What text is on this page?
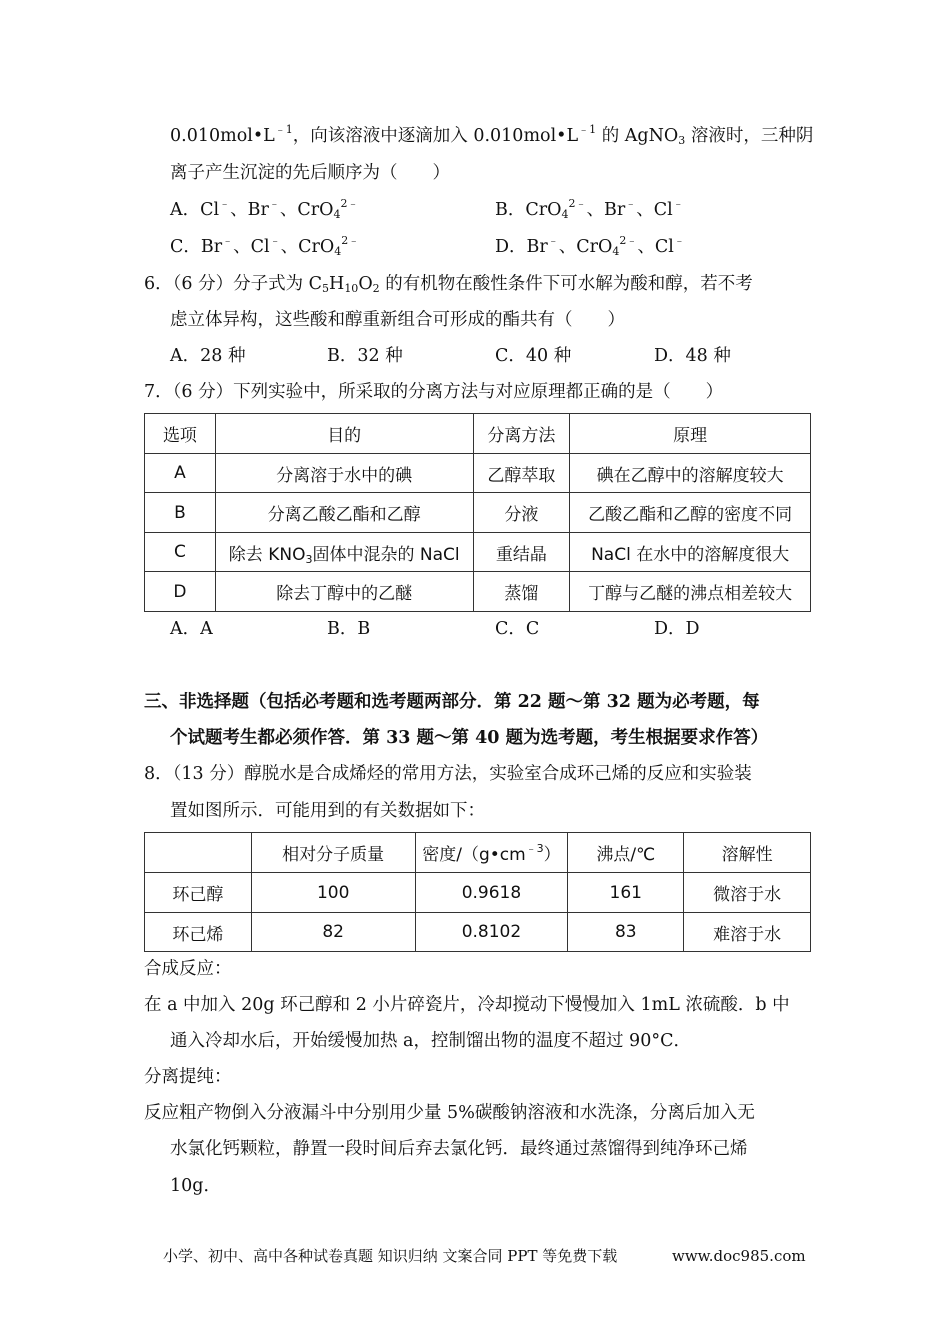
$0.010mol•L^{﹣1}$，向该溶液中逐滴加入 $0.010mol•L^{﹣1}$ 的 AgNO$_3$ 溶液时，三种阴
离子产生沉淀的先后顺序为（　　）
A．Cl﹣、Br﹣、CrO$_4^{2﹣}$	B．CrO$_4^{2﹣}$、Br﹣、Cl﹣
C．Br﹣、Cl﹣、CrO$_4^{2﹣}$	D．Br﹣、CrO$_4^{2﹣}$、Cl﹣
6．（6 分）分子式为 $C_5H_{10}O_2$ 的有机物在酸性条件下可水解为酸和醇，若不考
虑立体异构，这些酸和醇重新组合可形成的酯共有（　　）
A．28 种	B．32 种	C．40 种	D．48 种
7．（6 分）下列实验中，所采取的分离方法与对应原理都正确的是（　　）
选项	目的	分离方法	原理
A	分离溶于水中的碘	乙醇萃取	碘在乙醇中的溶解度较大
B	分离乙酸乙酯和乙醇	分液	乙酸乙酯和乙醇的密度不同
C	除去 $KNO_3$固体中混杂的 NaCl	重结晶	NaCl 在水中的溶解度很大
D	除去丁醇中的乙醚	蒸馏	丁醇与乙醚的沸点相差较大
A．A	B．B	C．C	D．D
三、非选择题（包括必考题和选考题两部分．第 22 题～第 32 题为必考题，每
个试题考生都必须作答．第 33 题～第 40 题为选考题，考生根据要求作答）
8．（13 分）醇脱水是合成烯烃的常用方法，实验室合成环己烯的反应和实验装
置如图所示．可能用到的有关数据如下：
	相对分子质量	密度$/(g•cm^{﹣3})$	沸点/℃	溶解性
环己醇	100	0.9618	161	微溶于水
环己烯	82	0.8102	83	难溶于水
合成反应：
在 a 中加入 20g 环己醇和 2 小片碎瓷片，冷却搅动下慢慢加入 1mL 浓硫酸．b 中
通入冷却水后，开始缓慢加热 a，控制馏出物的温度不超过 90°C．
分离提纯：
反应粗产物倒入分液漏斗中分别用少量 5%碳酸钠溶液和水洗涤，分离后加入无
水氯化钙颗粒，静置一段时间后弃去氯化钙．最终通过蒸馏得到纯净环己烯
10g．
小学、初中、高中各种试卷真题 知识归纳 文案合同 PPT 等免费下载	www.doc985.com
